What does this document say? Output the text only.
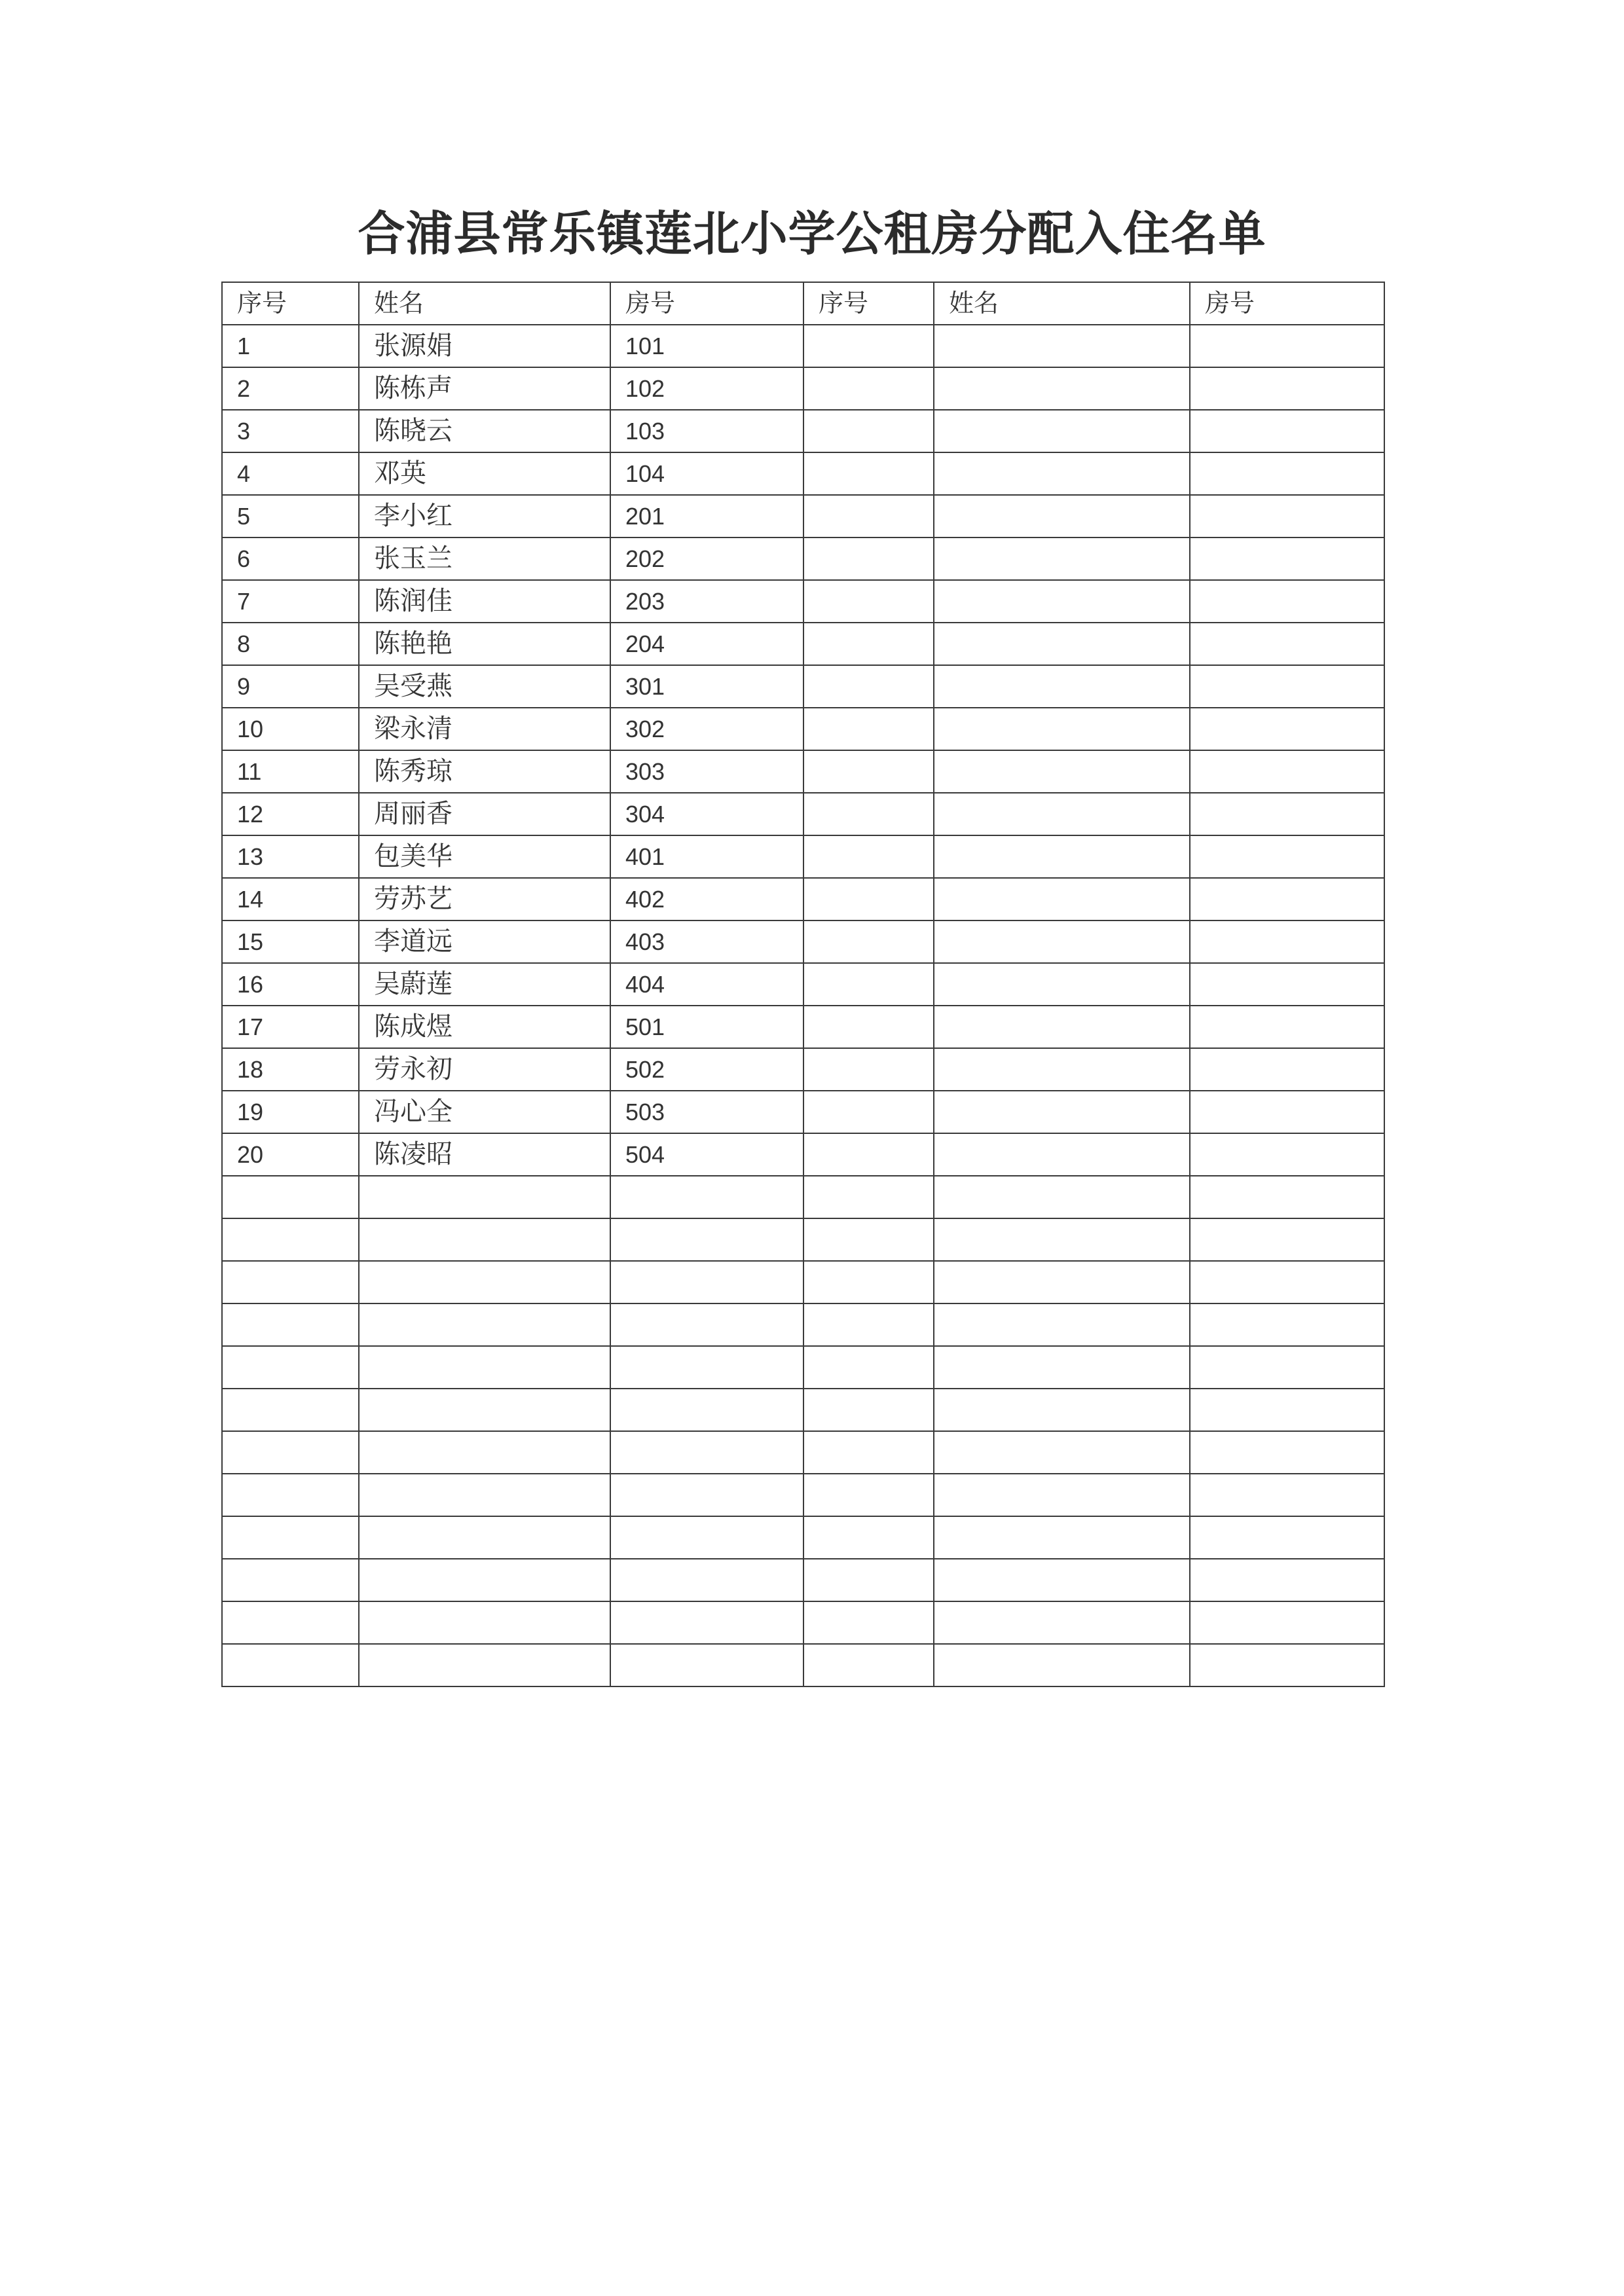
合浦县常乐镇莲北小学公租房分配入住名单
序号	姓名	房号	序号	姓名	房号
1	张源娟	101			
2	陈栋声	102			
3	陈晓云	103			
4	邓英	104			
5	李小红	201			
6	张玉兰	202			
7	陈润佳	203			
8	陈艳艳	204			
9	吴受燕	301			
10	梁永清	302			
11	陈秀琼	303			
12	周丽香	304			
13	包美华	401			
14	劳苏艺	402			
15	李道远	403			
16	吴蔚莲	404			
17	陈成煜	501			
18	劳永初	502			
19	冯心全	503			
20	陈凌昭	504			
